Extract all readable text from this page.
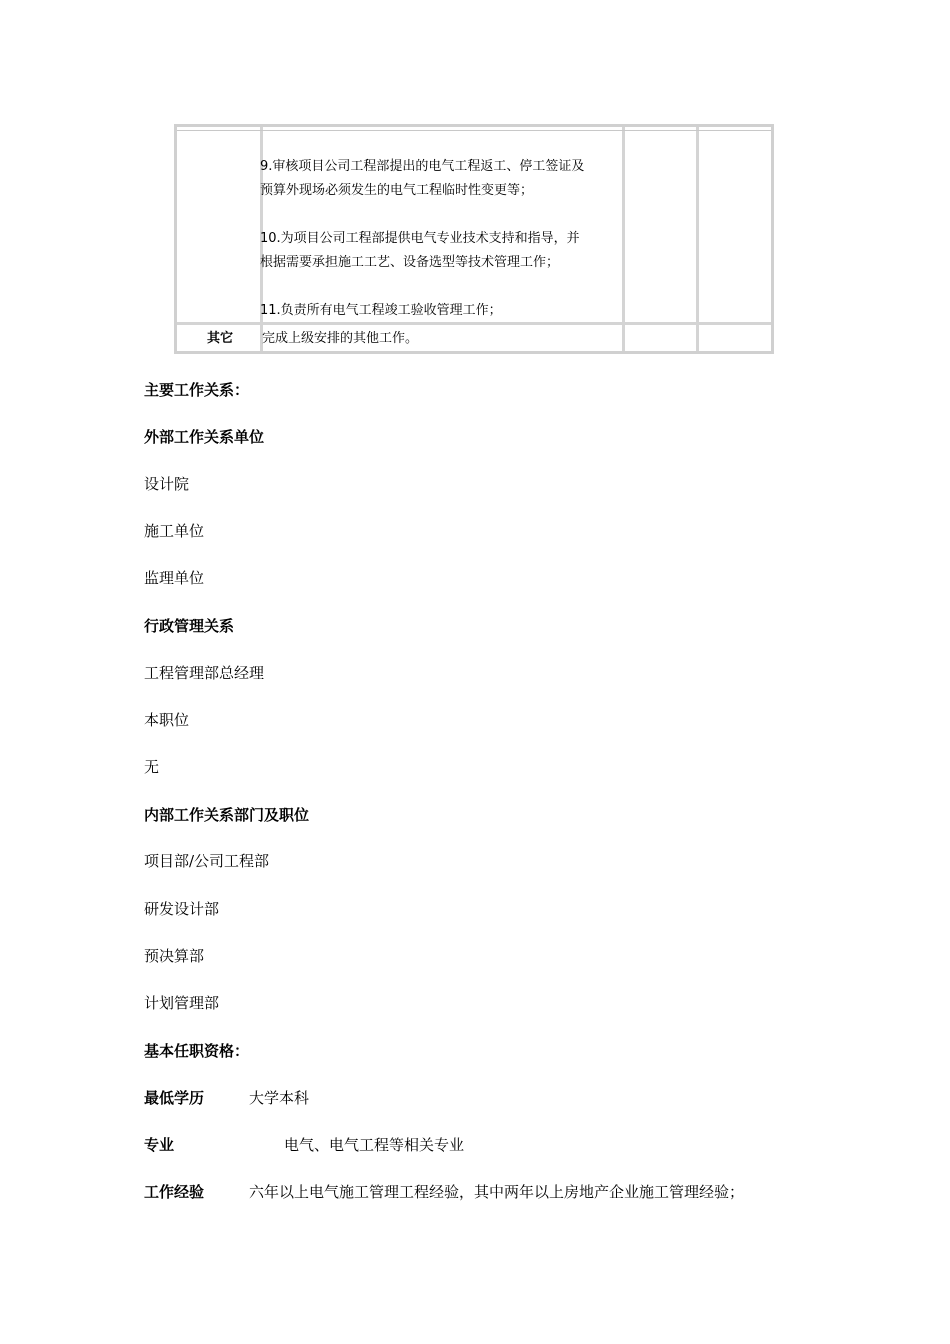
9.审核项目公司工程部提出的电气工程返工、停工签证及
预算外现场必须发生的电气工程临时性变更等；
10.为项目公司工程部提供电气专业技术支持和指导，并
根据需要承担施工工艺、设备选型等技术管理工作；
11.负责所有电气工程竣工验收管理工作；
其它	完成上级安排的其他工作。
主要工作关系：
外部工作关系单位
设计院
施工单位
监理单位
行政管理关系
工程管理部总经理
本职位
无
内部工作关系部门及职位
项目部/公司工程部
研发设计部
预决算部
计划管理部
基本任职资格：
最低学历	大学本科
专业	电气、电气工程等相关专业
工作经验	六年以上电气施工管理工程经验，其中两年以上房地产企业施工管理经验；
